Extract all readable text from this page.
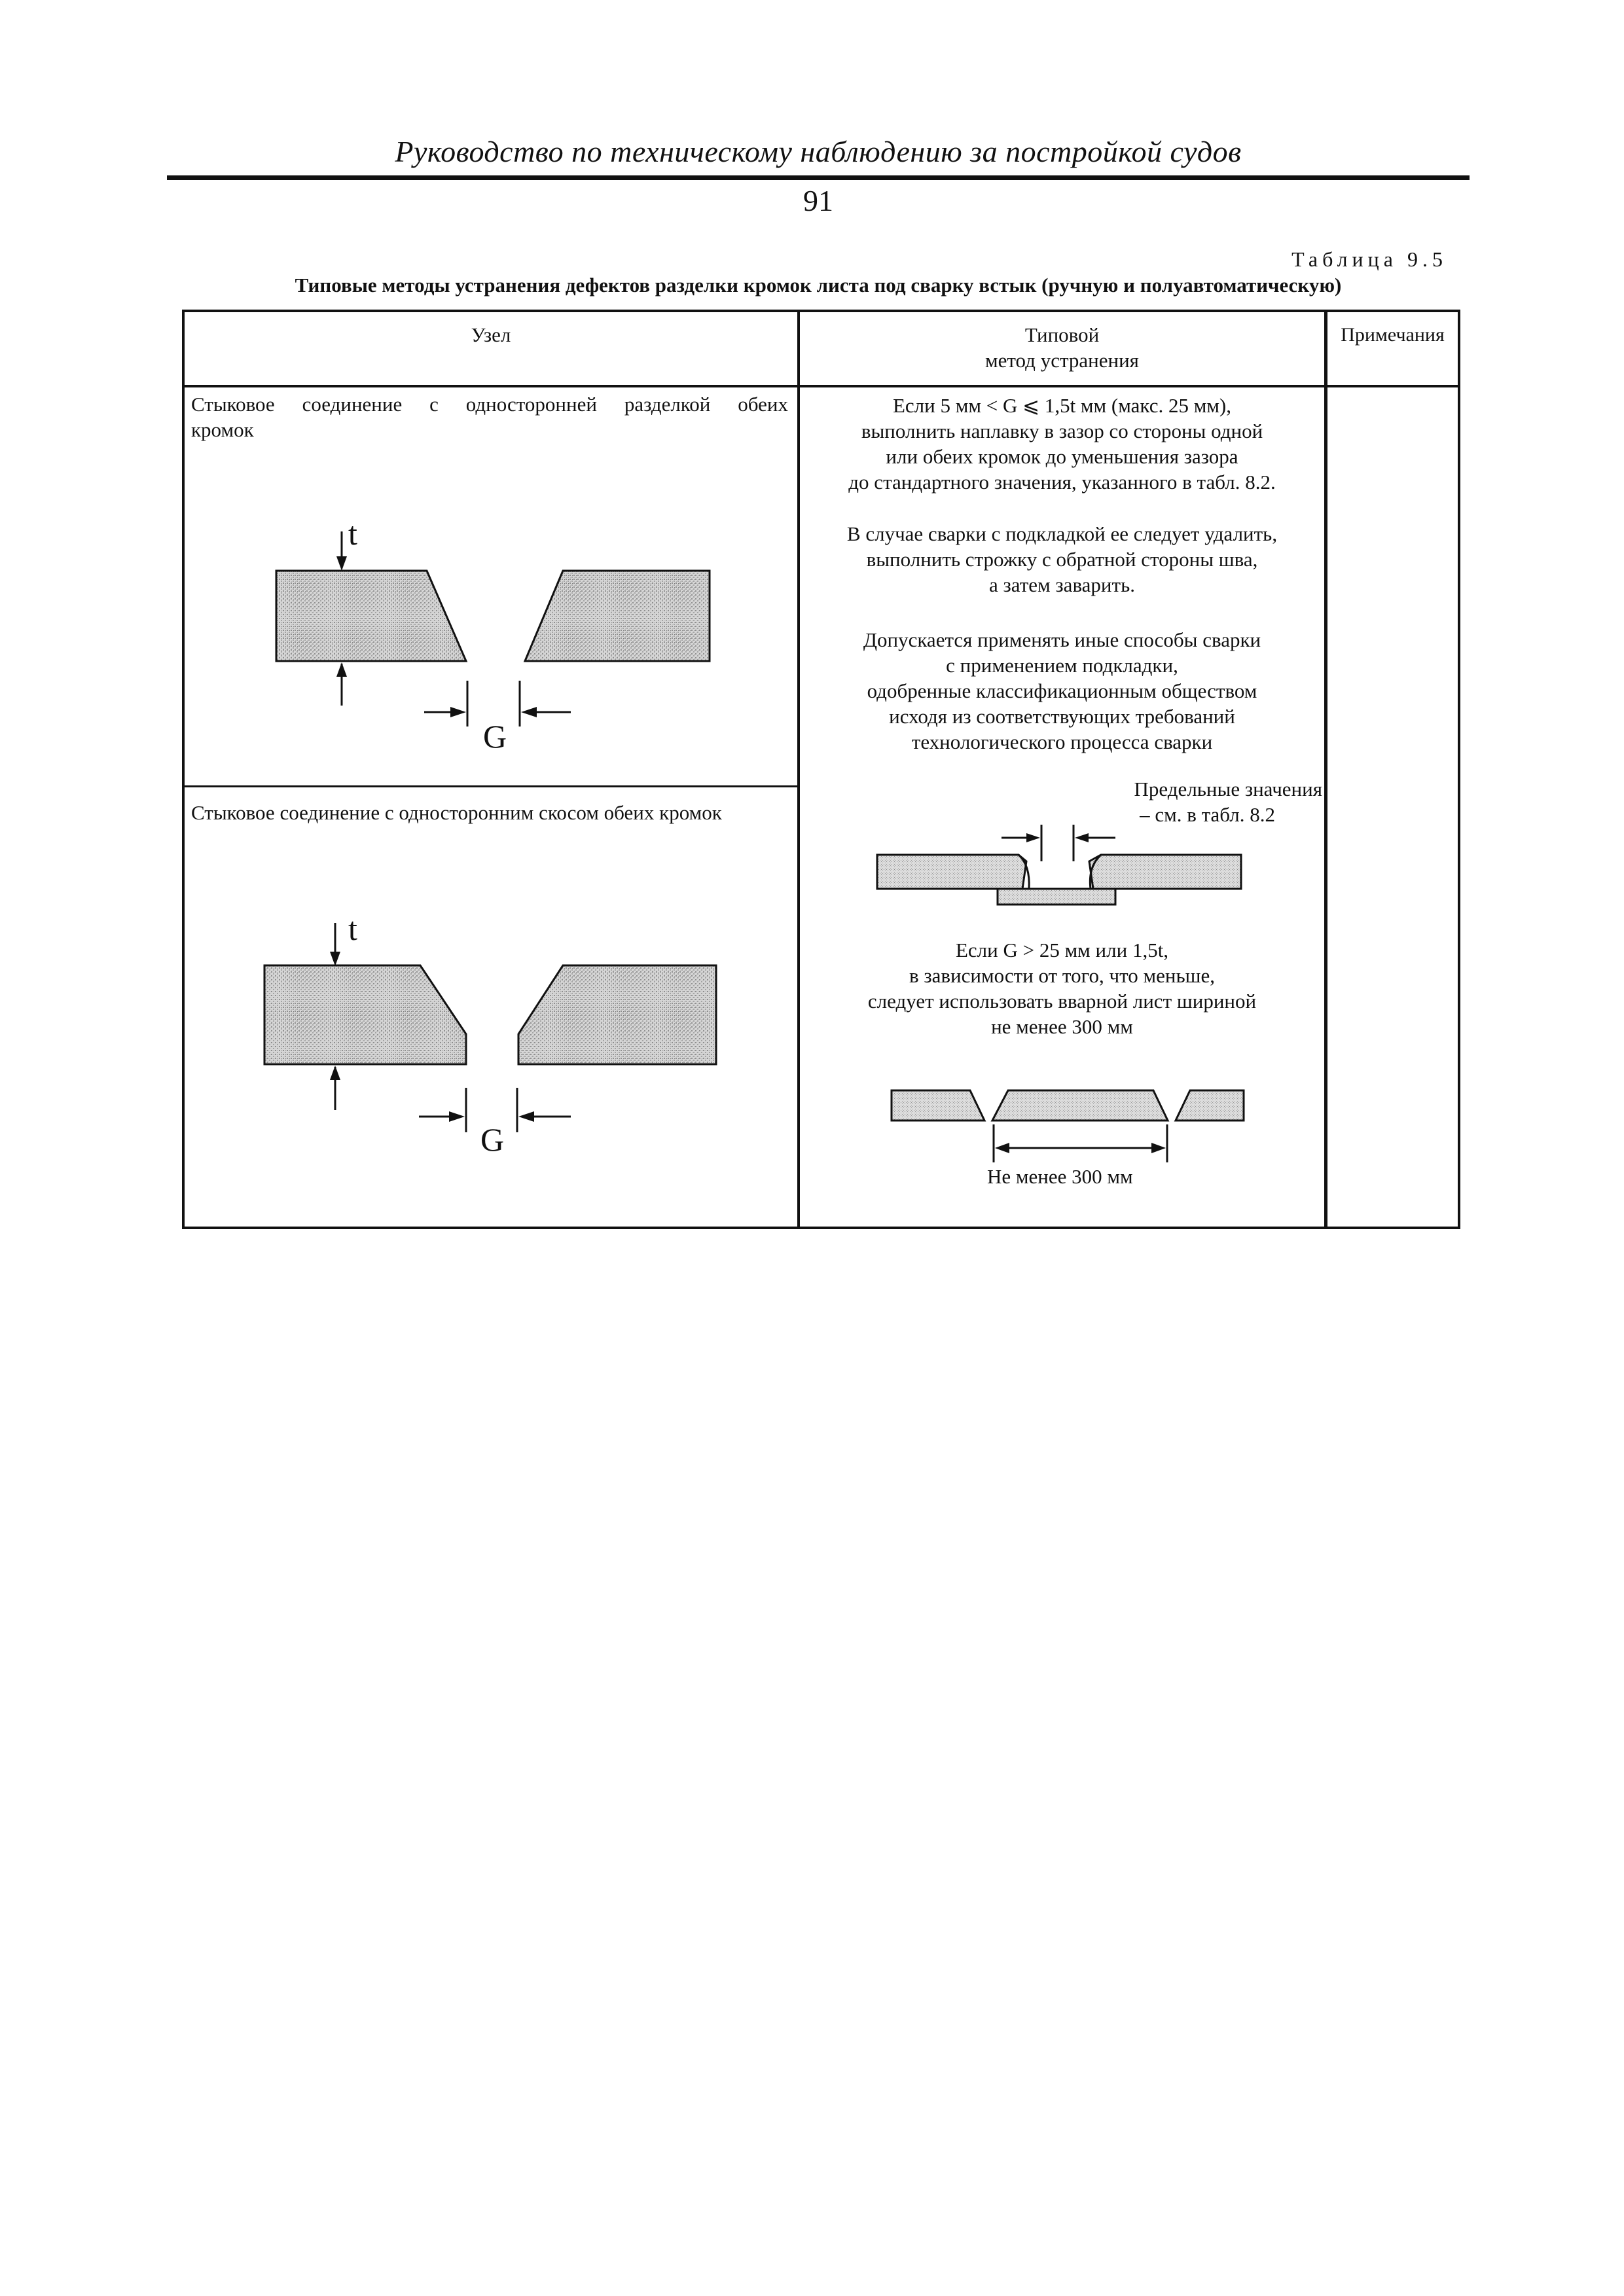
Руководство по техническому наблюдению за постройкой судов
91
Таблица 9.5
Типовые методы устранения дефектов разделки кромок листа под сварку встык (ручную и полуавтоматическую)
Узел	Типовой
метод устранения
Примечания
Стыковое соединение с односторонней разделкой обеих
кромок
Стыковое соединение с односторонним скосом обеих кромок
Если 5 мм < G ⩽ 1,5t мм (макс. 25 мм),
выполнить наплавку в зазор со стороны одной
или обеих кромок до уменьшения зазора
до стандартного значения, указанного в табл. 8.2.
В случае сварки с подкладкой ее следует удалить,
выполнить строжку с обратной стороны шва,
а затем заварить.
Допускается применять иные способы сварки
с применением подкладки,
одобренные классификационным обществом
исходя из соответствующих требований
технологического процесса сварки
Предельные значения
– см. в табл. 8.2
Если G > 25 мм или 1,5t,
в зависимости от того, что меньше,
следует использовать вварной лист шириной
не менее 300 мм
Не менее 300 мм
t
G
t
G
